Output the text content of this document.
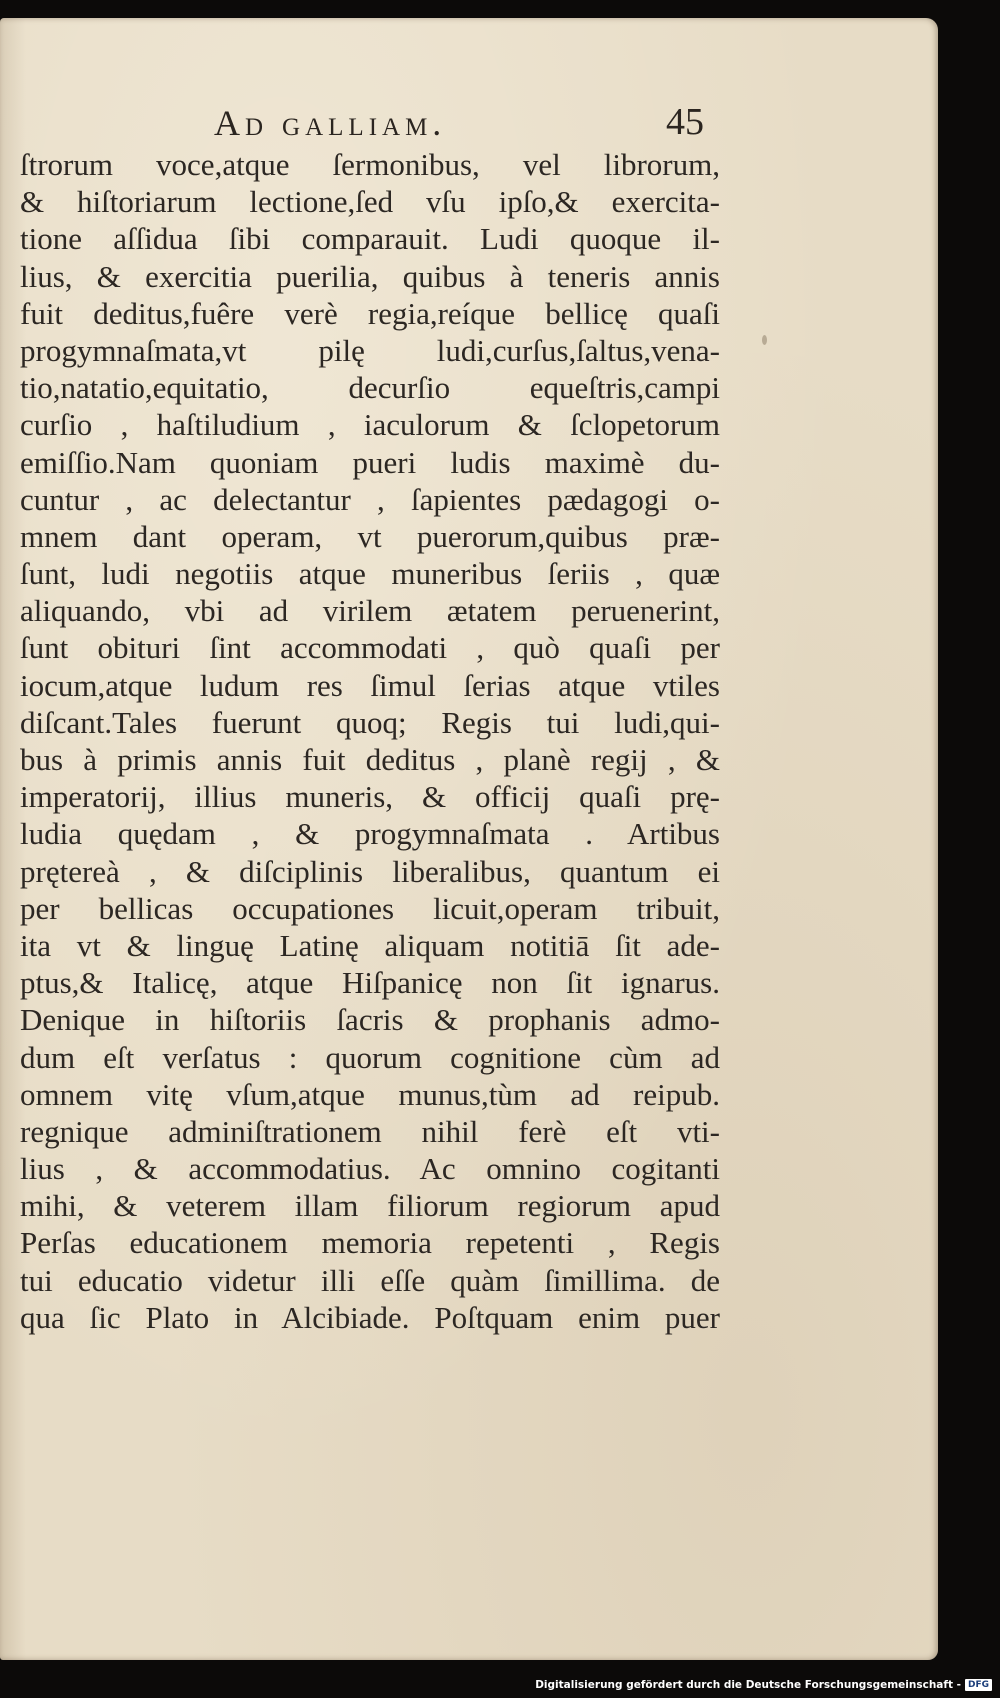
Ad galliam.	45
ſtrorum voce,atque ſermonibus, vel librorum,
& hiſtoriarum lectione,ſed vſu ipſo,& exercita-
tione aſſidua ſibi comparauit. Ludi quoque il-
lius, & exercitia puerilia, quibus à teneris annis
fuit deditus,fuêre verè regia,reíque bellicę quaſi
progymnaſmata,vt pilę ludi,curſus,ſaltus,vena-
tio,natatio,equitatio, decurſio equeſtris,campi
curſio , haſtiludium , iaculorum & ſclopetorum
emiſſio.Nam quoniam pueri ludis maximè du-
cuntur , ac delectantur , ſapientes pædagogi o-
mnem dant operam, vt puerorum,quibus præ-
ſunt, ludi negotiis atque muneribus ſeriis , quæ
aliquando, vbi ad virilem ætatem peruenerint,
ſunt obituri ſint accommodati , quò quaſi per
iocum,atque ludum res ſimul ſerias atque vtiles
diſcant.Tales fuerunt quoq; Regis tui ludi,qui-
bus à primis annis fuit deditus , planè regij , &
imperatorij, illius muneris, & officij quaſi prę-
ludia quędam , & progymnaſmata . Artibus
prętereà , & diſciplinis liberalibus, quantum ei
per bellicas occupationes licuit,operam tribuit,
ita vt & linguę Latinę aliquam notitiā ſit ade-
ptus,& Italicę, atque Hiſpanicę non ſit ignarus.
Denique in hiſtoriis ſacris & prophanis admo-
dum eſt verſatus : quorum cognitione cùm ad
omnem vitę vſum,atque munus,tùm ad reipub.
regnique adminiſtrationem nihil ferè eſt vti-
lius , & accommodatius. Ac omnino cogitanti
mihi, & veterem illam filiorum regiorum apud
Perſas educationem memoria repetenti , Regis
tui educatio videtur illi eſſe quàm ſimillima. de
qua ſic Plato in Alcibiade. Poſtquam enim puer
Digitalisierung gefördert durch die Deutsche Forschungsgemeinschaft - DFG
